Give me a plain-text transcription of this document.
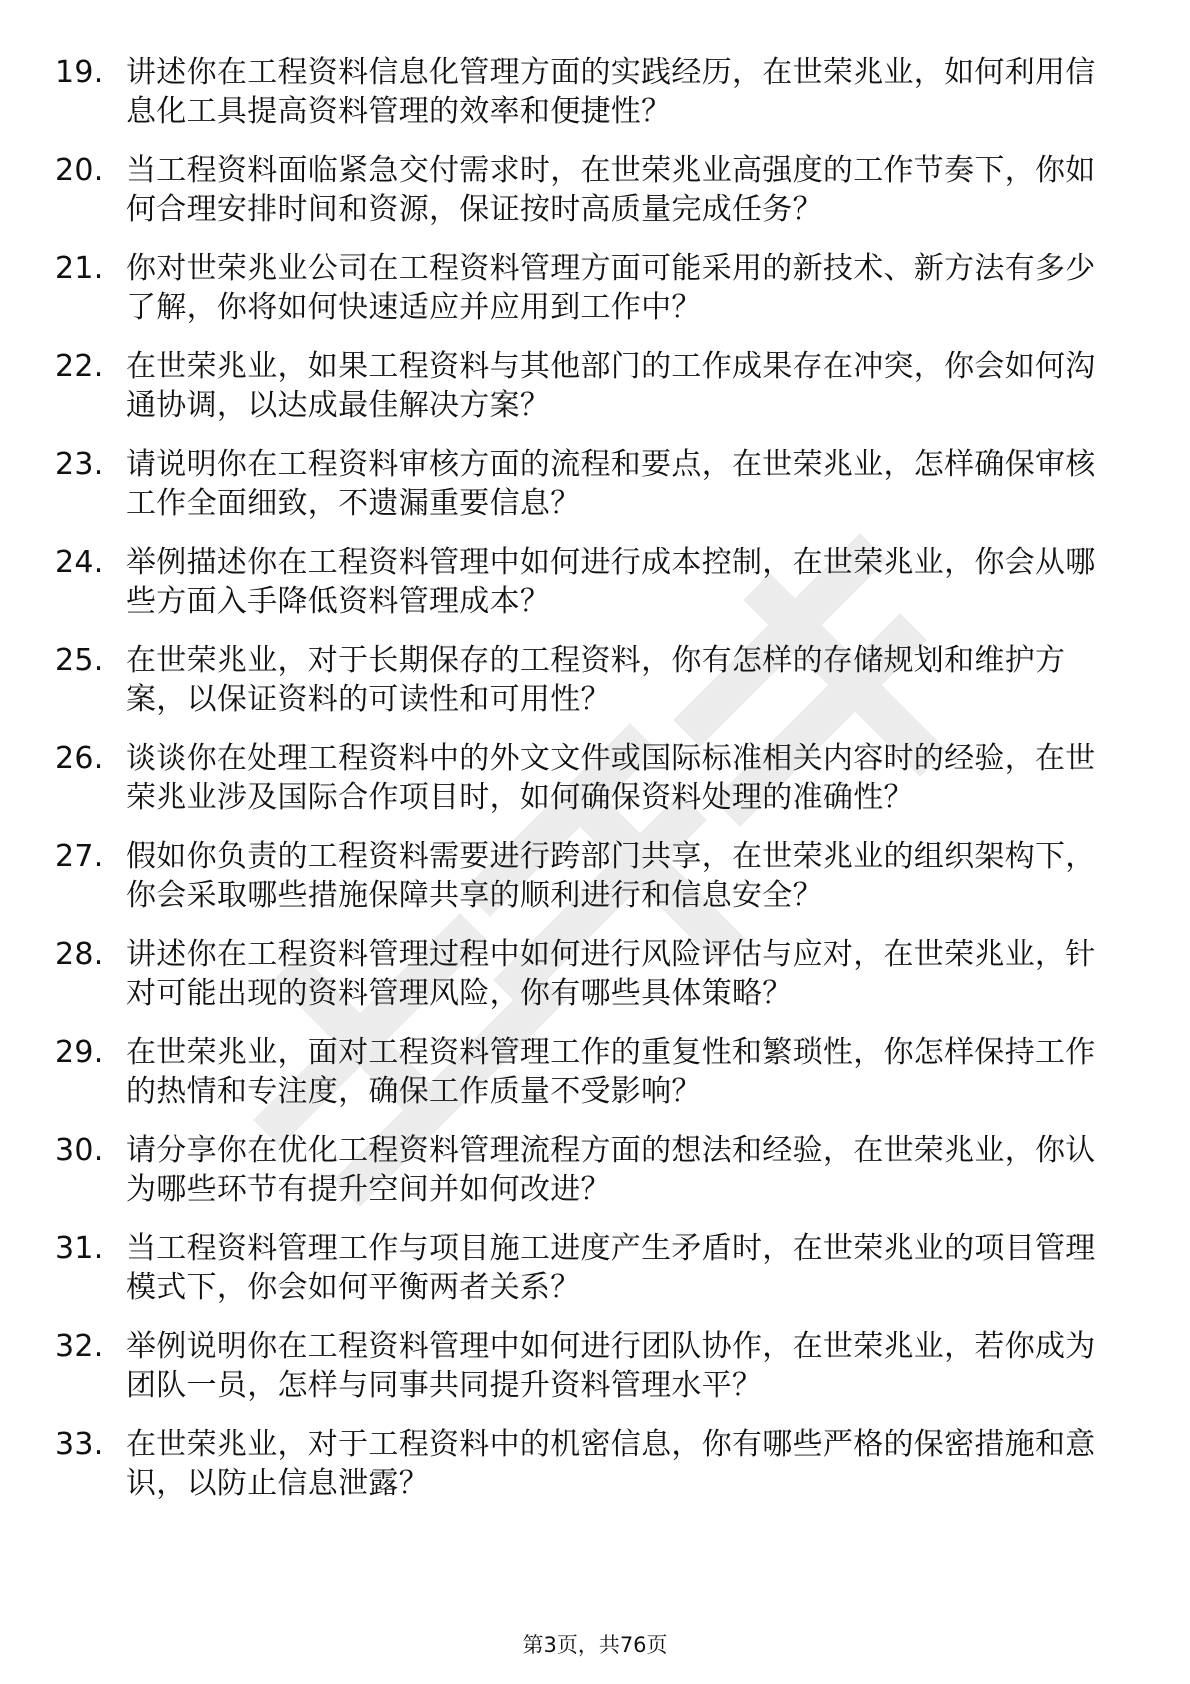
19. 讲述你在工程资料信息化管理方面的实践经历，在世荣兆业，如何利用信息化工具提高资料管理的效率和便捷性？
20. 当工程资料面临紧急交付需求时，在世荣兆业高强度的工作节奏下，你如何合理安排时间和资源，保证按时高质量完成任务？
21. 你对世荣兆业公司在工程资料管理方面可能采用的新技术、新方法有多少了解，你将如何快速适应并应用到工作中？
22. 在世荣兆业，如果工程资料与其他部门的工作成果存在冲突，你会如何沟通协调，以达成最佳解决方案？
23. 请说明你在工程资料审核方面的流程和要点，在世荣兆业，怎样确保审核工作全面细致，不遗漏重要信息？
24. 举例描述你在工程资料管理中如何进行成本控制，在世荣兆业，你会从哪些方面入手降低资料管理成本？
25. 在世荣兆业，对于长期保存的工程资料，你有怎样的存储规划和维护方案，以保证资料的可读性和可用性？
26. 谈谈你在处理工程资料中的外文文件或国际标准相关内容时的经验，在世荣兆业涉及国际合作项目时，如何确保资料处理的准确性？
27. 假如你负责的工程资料需要进行跨部门共享，在世荣兆业的组织架构下，你会采取哪些措施保障共享的顺利进行和信息安全？
28. 讲述你在工程资料管理过程中如何进行风险评估与应对，在世荣兆业，针对可能出现的资料管理风险，你有哪些具体策略？
29. 在世荣兆业，面对工程资料管理工作的重复性和繁琐性，你怎样保持工作的热情和专注度，确保工作质量不受影响？
30. 请分享你在优化工程资料管理流程方面的想法和经验，在世荣兆业，你认为哪些环节有提升空间并如何改进？
31. 当工程资料管理工作与项目施工进度产生矛盾时，在世荣兆业的项目管理模式下，你会如何平衡两者关系？
32. 举例说明你在工程资料管理中如何进行团队协作，在世荣兆业，若你成为团队一员，怎样与同事共同提升资料管理水平？
33. 在世荣兆业，对于工程资料中的机密信息，你有哪些严格的保密措施和意识，以防止信息泄露？
第3页，共76页
